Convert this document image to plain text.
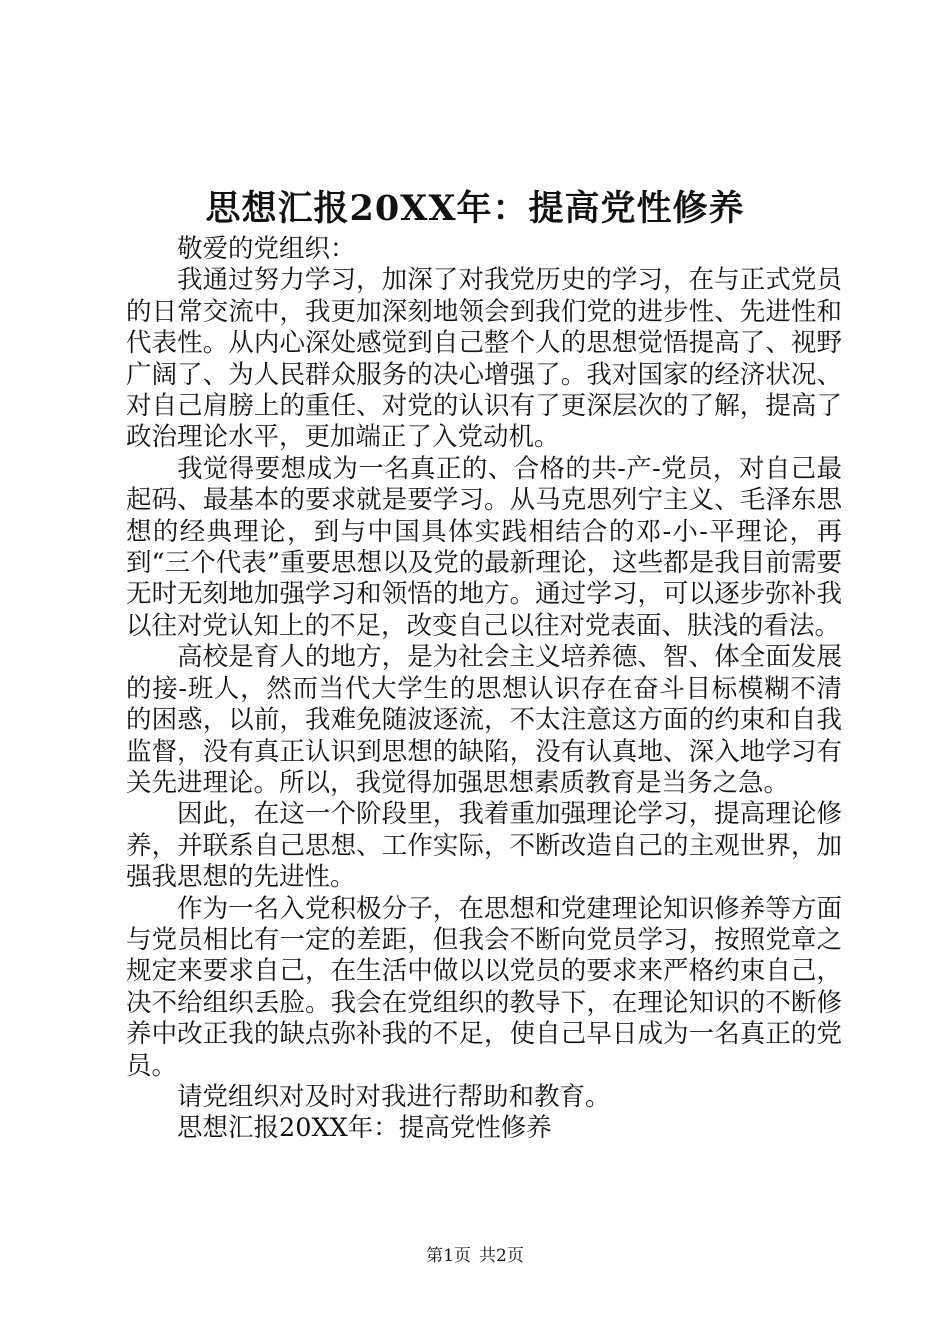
思想汇报20XX年：提高党性修养

敬爱的党组织：

我通过努力学习，加深了对我党历史的学习，在与正式党员的日常交流中，我更加深刻地领会到我们党的进步性、先进性和代表性。从内心深处感觉到自己整个人的思想觉悟提高了、视野广阔了、为人民群众服务的决心增强了。我对国家的经济状况、对自己肩膀上的重任、对党的认识有了更深层次的了解，提高了政治理论水平，更加端正了入党动机。

我觉得要想成为一名真正的、合格的共-产-党员，对自己最起码、最基本的要求就是要学习。从马克思列宁主义、毛泽东思想的经典理论，到与中国具体实践相结合的邓-小-平理论，再到“三个代表”重要思想以及党的最新理论，这些都是我目前需要无时无刻地加强学习和领悟的地方。通过学习，可以逐步弥补我以往对党认知上的不足，改变自己以往对党表面、肤浅的看法。

高校是育人的地方，是为社会主义培养德、智、体全面发展的接-班人，然而当代大学生的思想认识存在奋斗目标模糊不清的困惑，以前，我难免随波逐流，不太注意这方面的约束和自我监督，没有真正认识到思想的缺陷，没有认真地、深入地学习有关先进理论。所以，我觉得加强思想素质教育是当务之急。

因此，在这一个阶段里，我着重加强理论学习，提高理论修养，并联系自己思想、工作实际，不断改造自己的主观世界，加强我思想的先进性。

作为一名入党积极分子，在思想和党建理论知识修养等方面与党员相比有一定的差距，但我会不断向党员学习，按照党章之规定来要求自己，在生活中做以以党员的要求来严格约束自己，决不给组织丢脸。我会在党组织的教导下，在理论知识的不断修养中改正我的缺点弥补我的不足，使自己早日成为一名真正的党员。

请党组织对及时对我进行帮助和教育。

思想汇报20XX年：提高党性修养

第1页 共2页
